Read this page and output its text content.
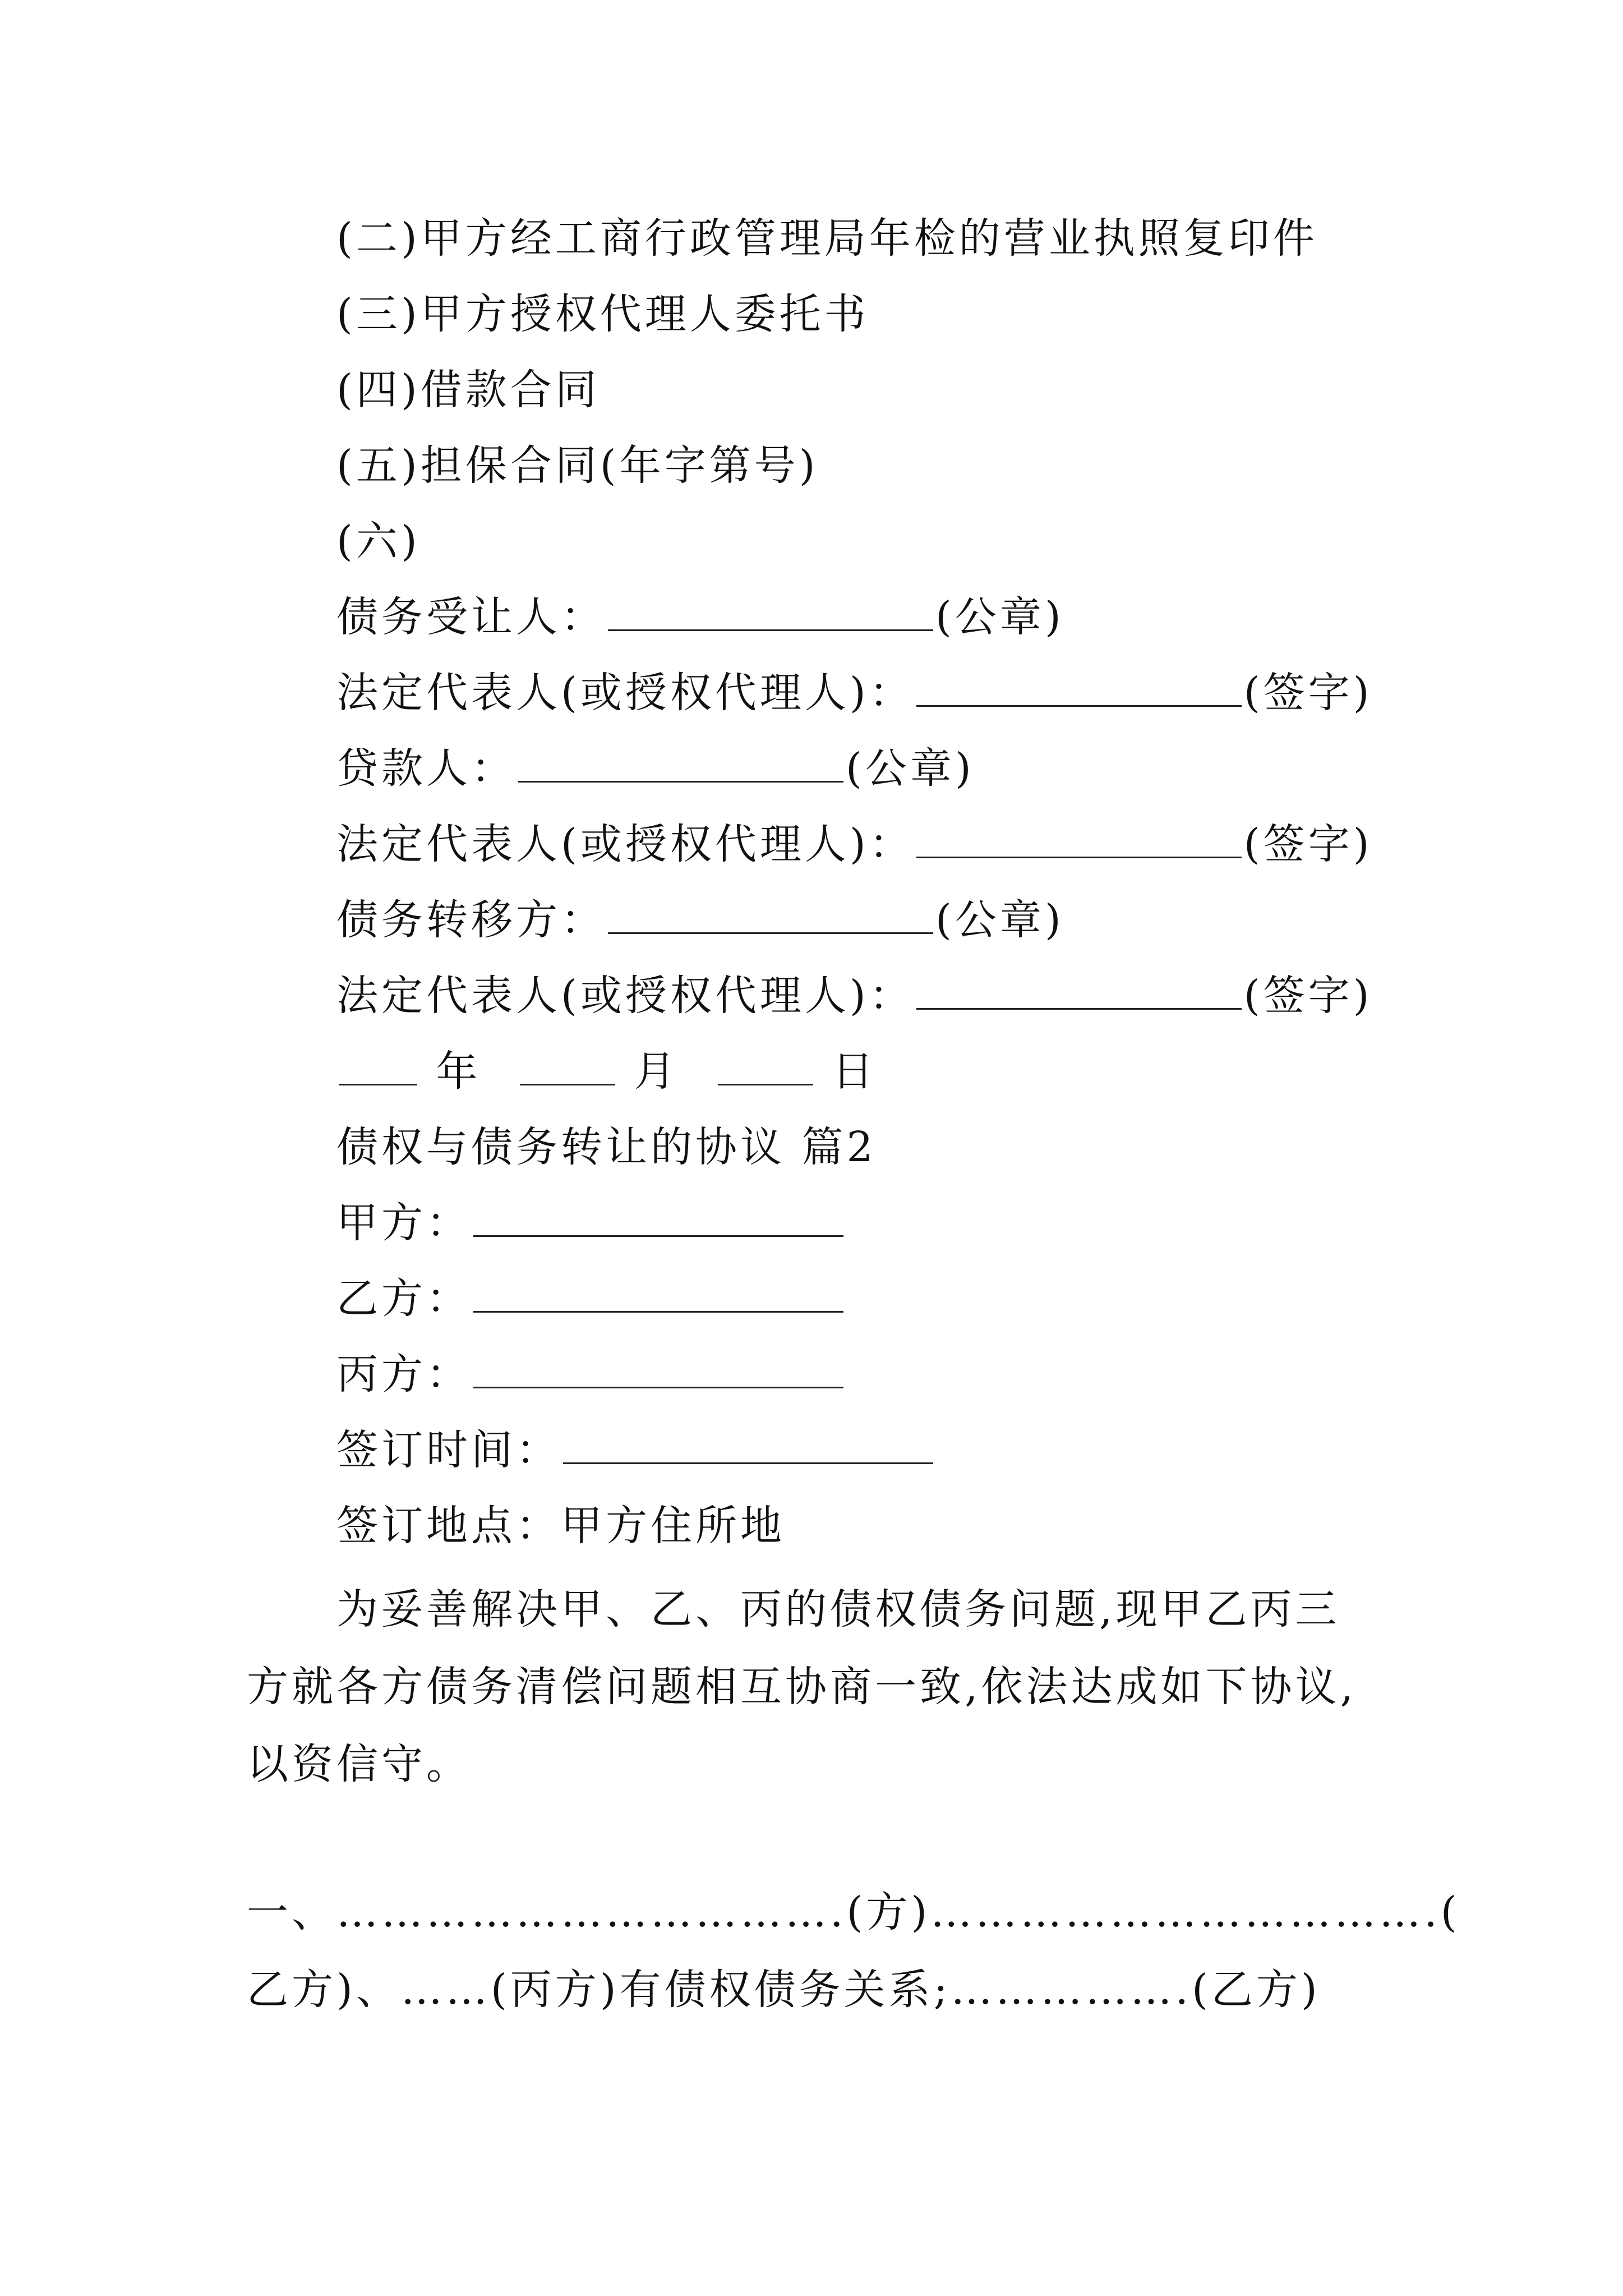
(二)甲方经工商行政管理局年检的营业执照复印件
(三)甲方授权代理人委托书
(四)借款合同
(五)担保合同(年字第号)
(六)
债务受让人：	(公章)
法定代表人(或授权代理人)：	(签字)
贷款人：	(公章)
法定代表人(或授权代理人)：	(签字)
债务转移方：	(公章)
法定代表人(或授权代理人)：	(签字)
年	月	日
债权与债务转让的协议 篇2
甲方：
乙方：
丙方：
签订时间：
签订地点：甲方住所地
为妥善解决甲、乙、丙的债权债务问题,现甲乙丙三方就各方债务清偿问题相互协商一致,依法达成如下协议,以资信守。
一、…………………………….(方)…………………………….(
乙方)、……(丙方)有债权债务关系;…………….(乙方)
